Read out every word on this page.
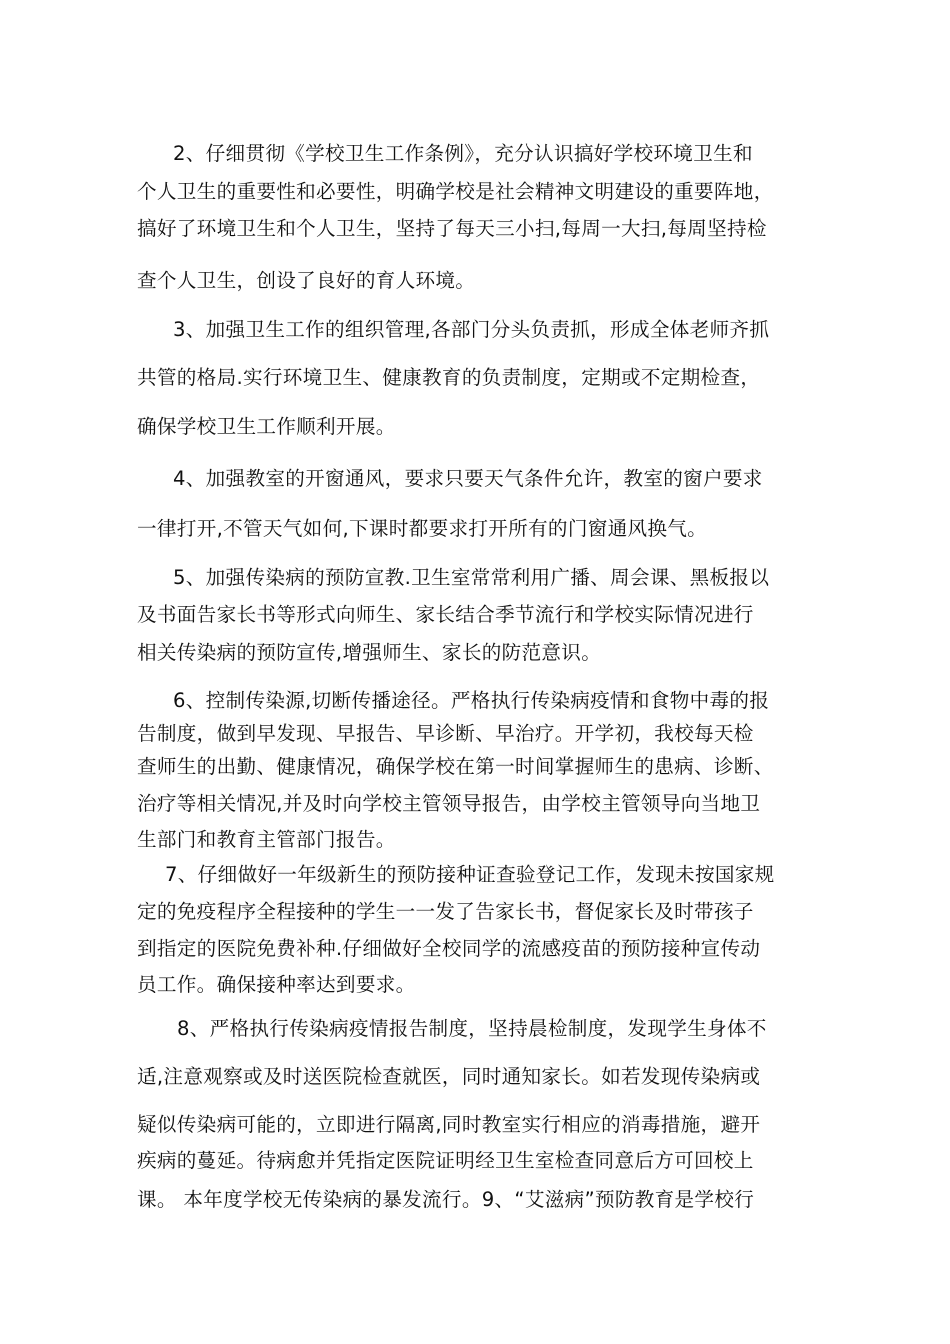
2、仔细贯彻《学校卫生工作条例》，充分认识搞好学校环境卫生和
个人卫生的重要性和必要性，明确学校是社会精神文明建设的重要阵地，
搞好了环境卫生和个人卫生，坚持了每天三小扫,每周一大扫,每周坚持检
查个人卫生，创设了良好的育人环境。
3、加强卫生工作的组织管理,各部门分头负责抓，形成全体老师齐抓
共管的格局.实行环境卫生、健康教育的负责制度，定期或不定期检查，
确保学校卫生工作顺利开展。
4、加强教室的开窗通风，要求只要天气条件允许，教室的窗户要求
一律打开,不管天气如何,下课时都要求打开所有的门窗通风换气。
5、加强传染病的预防宣教.卫生室常常利用广播、周会课、黑板报以
及书面告家长书等形式向师生、家长结合季节流行和学校实际情况进行
相关传染病的预防宣传,增强师生、家长的防范意识。
6、控制传染源,切断传播途径。严格执行传染病疫情和食物中毒的报
告制度，做到早发现、早报告、早诊断、早治疗。开学初，我校每天检
查师生的出勤、健康情况，确保学校在第一时间掌握师生的患病、诊断、
治疗等相关情况,并及时向学校主管领导报告，由学校主管领导向当地卫
生部门和教育主管部门报告。
7、仔细做好一年级新生的预防接种证查验登记工作，发现未按国家规
定的免疫程序全程接种的学生一一发了告家长书，督促家长及时带孩子
到指定的医院免费补种.仔细做好全校同学的流感疫苗的预防接种宣传动
员工作。确保接种率达到要求。
8、严格执行传染病疫情报告制度，坚持晨检制度，发现学生身体不
适,注意观察或及时送医院检查就医，同时通知家长。如若发现传染病或
疑似传染病可能的，立即进行隔离,同时教室实行相应的消毒措施，避开
疾病的蔓延。待病愈并凭指定医院证明经卫生室检查同意后方可回校上
课。 本年度学校无传染病的暴发流行。9、“艾滋病”预防教育是学校行
